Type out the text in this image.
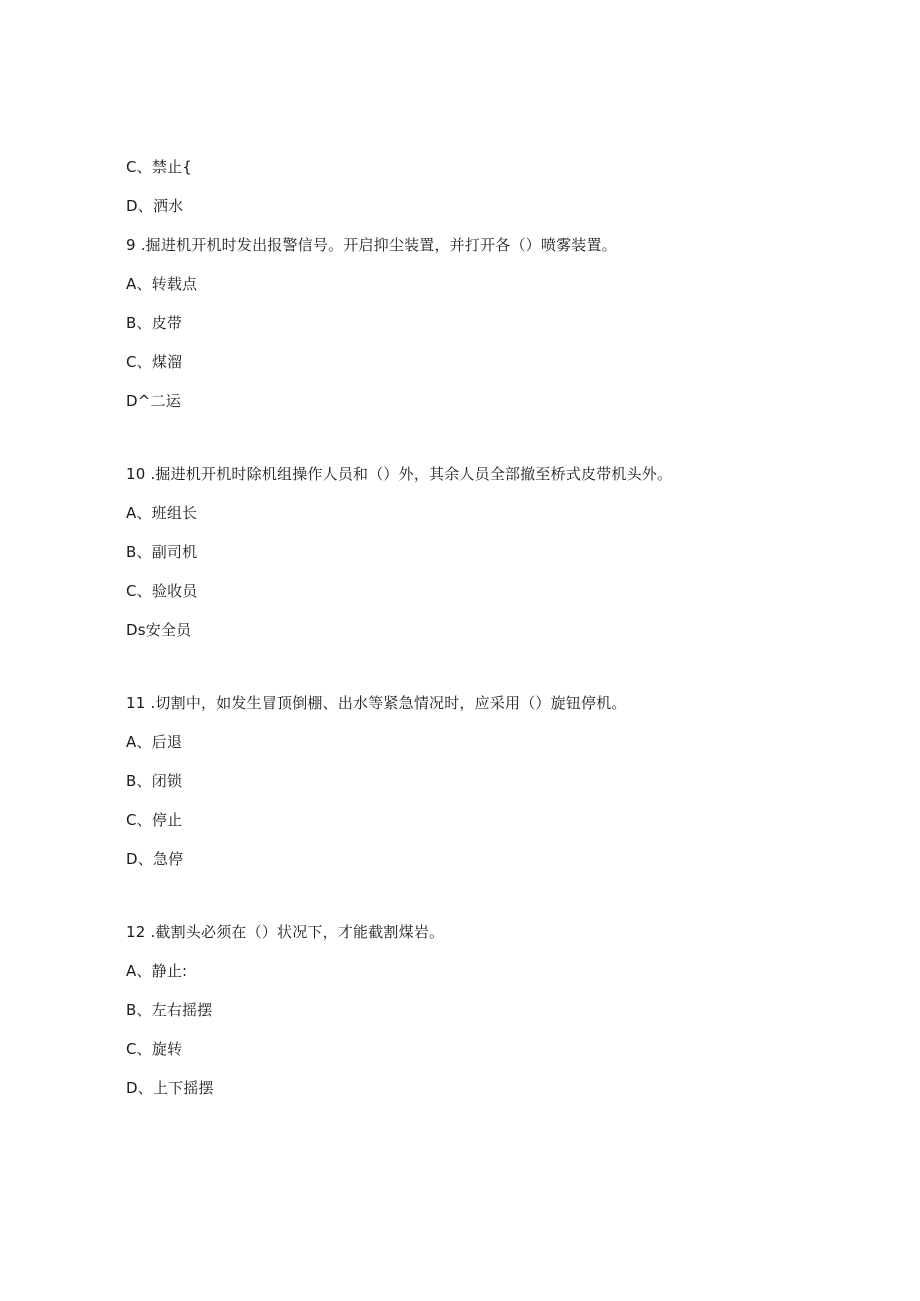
C、禁止{
D、洒水
9 .掘进机开机时发出报警信号。开启抑尘装置，并打开各（）喷雾装置。
A、转载点
B、皮带
C、煤溜
D^二运
10 .掘进机开机时除机组操作人员和（）外，其余人员全部撤至桥式皮带机头外。
A、班组长
B、副司机
C、验收员
Ds安全员
11 .切割中，如发生冒顶倒棚、出水等紧急情况时，应采用（）旋钮停机。
A、后退
B、闭锁
C、停止
D、急停
12 .截割头必须在（）状况下，才能截割煤岩。
A、静止:
B、左右摇摆
C、旋转
D、上下摇摆
